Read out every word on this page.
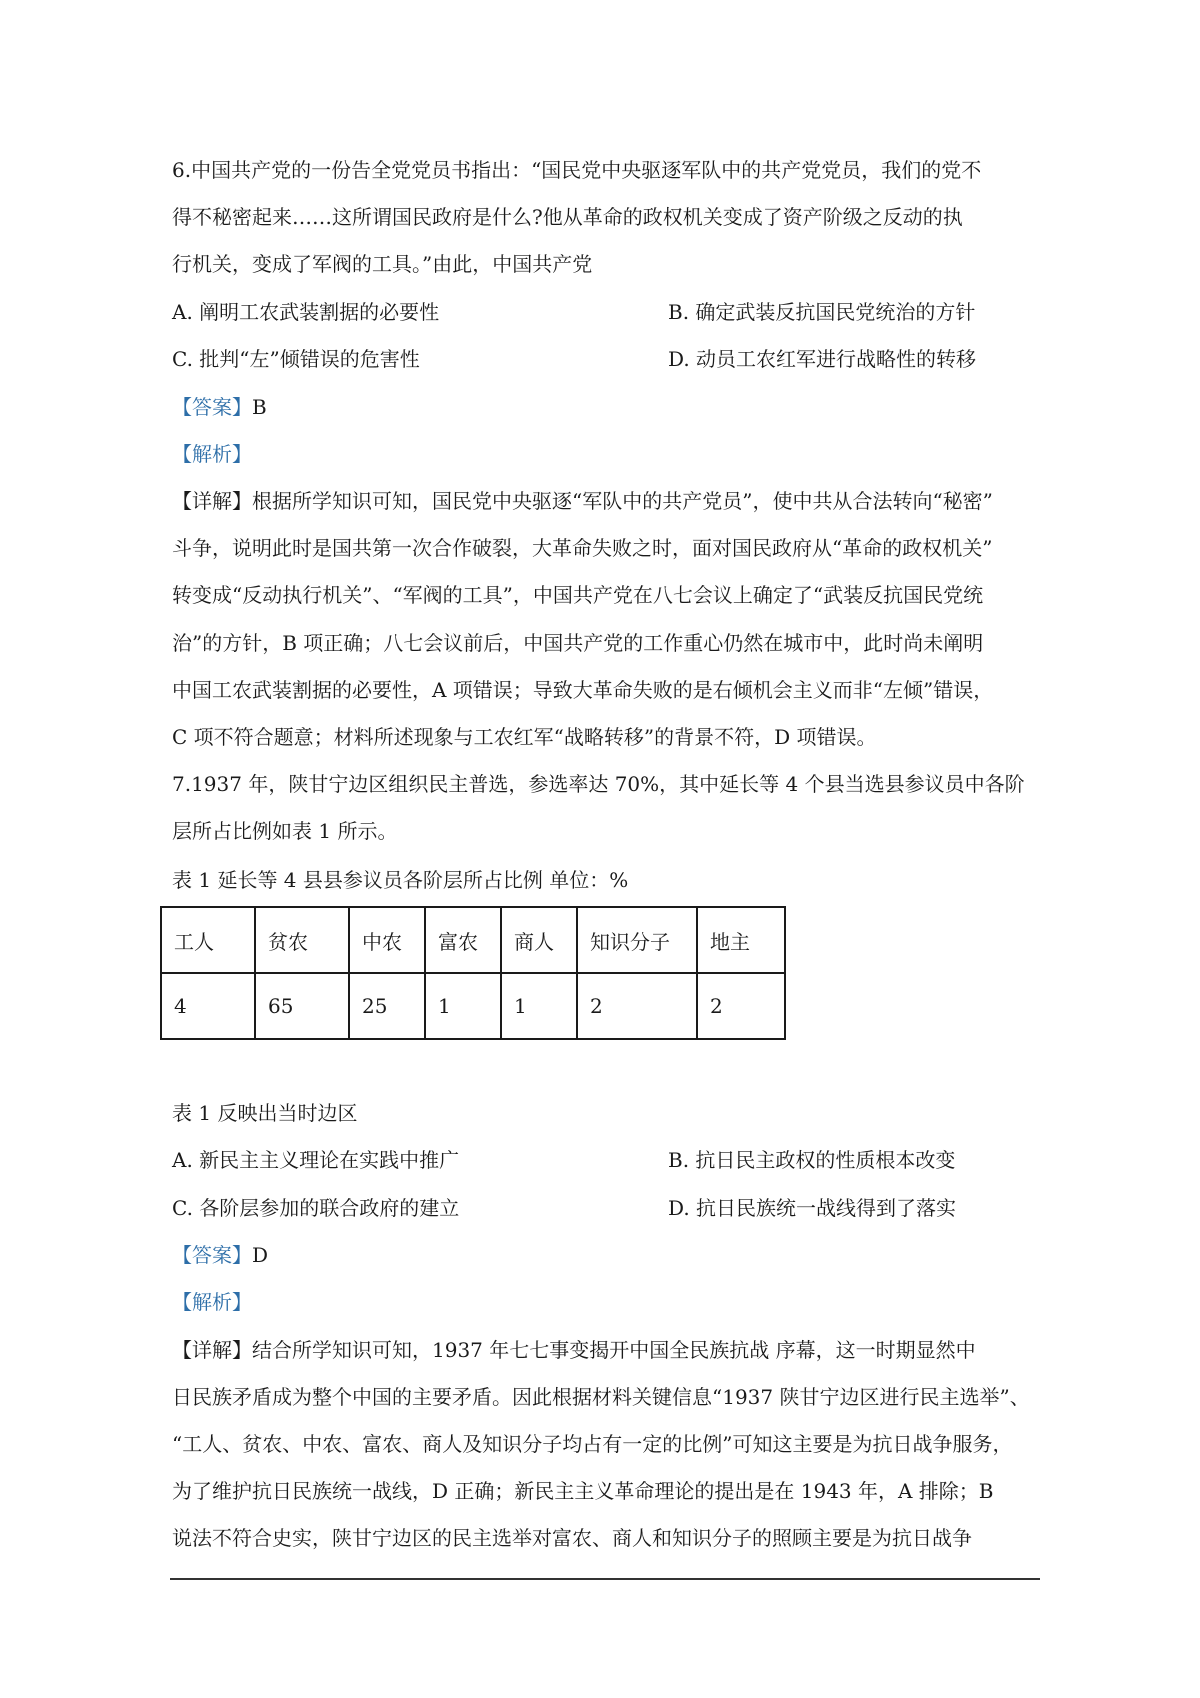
6.中国共产党的一份告全党党员书指出：“国民党中央驱逐军队中的共产党党员，我们的党不
得不秘密起来……这所谓国民政府是什么?他从革命的政权机关变成了资产阶级之反动的执
行机关，变成了军阀的工具。”由此，中国共产党
A. 阐明工农武装割据的必要性	B. 确定武装反抗国民党统治的方针
C. 批判“左”倾错误的危害性	D. 动员工农红军进行战略性的转移
【答案】B
【解析】
【详解】根据所学知识可知，国民党中央驱逐“军队中的共产党员”，使中共从合法转向“秘密”
斗争，说明此时是国共第一次合作破裂，大革命失败之时，面对国民政府从“革命的政权机关”
转变成“反动执行机关”、“军阀的工具”，中国共产党在八七会议上确定了“武装反抗国民党统
治”的方针，B 项正确；八七会议前后，中国共产党的工作重心仍然在城市中，此时尚未阐明
中国工农武装割据的必要性，A 项错误；导致大革命失败的是右倾机会主义而非“左倾”错误，
C 项不符合题意；材料所述现象与工农红军“战略转移”的背景不符，D 项错误。
7.1937 年，陕甘宁边区组织民主普选，参选率达 70%，其中延长等 4 个县当选县参议员中各阶
层所占比例如表 1 所示。
表 1 延长等 4 县县参议员各阶层所占比例 单位：%
工人	贫农	中农	富农	商人	知识分子	地主
4	65	25	1	1	2	2
表 1 反映出当时边区
A. 新民主主义理论在实践中推广	B. 抗日民主政权的性质根本改变
C. 各阶层参加的联合政府的建立	D. 抗日民族统一战线得到了落实
【答案】D
【解析】
【详解】结合所学知识可知，1937 年七七事变揭开中国全民族抗战 序幕，这一时期显然中
日民族矛盾成为整个中国的主要矛盾。因此根据材料关键信息“1937 陕甘宁边区进行民主选举”、
“工人、贫农、中农、富农、商人及知识分子均占有一定的比例”可知这主要是为抗日战争服务，
为了维护抗日民族统一战线，D 正确；新民主主义革命理论的提出是在 1943 年，A 排除；B
说法不符合史实，陕甘宁边区的民主选举对富农、商人和知识分子的照顾主要是为抗日战争
